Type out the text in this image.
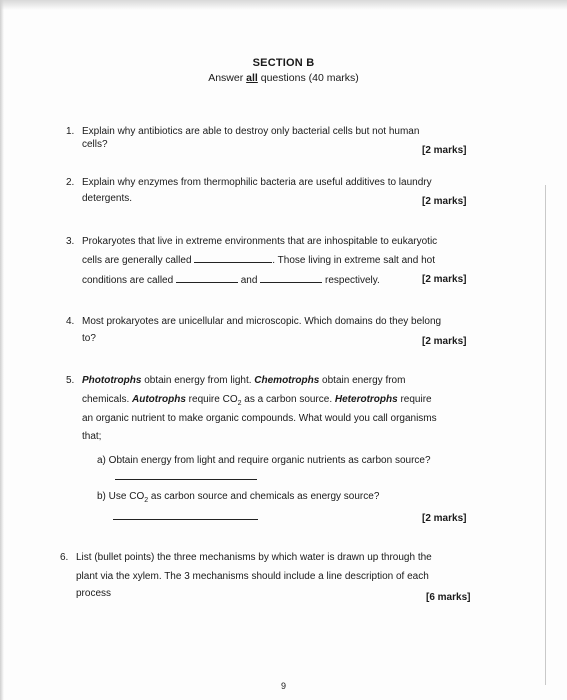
SECTION B
Answer all questions (40 marks)
1. Explain why antibiotics are able to destroy only bacterial cells but not human
cells?
[2 marks]
2. Explain why enzymes from thermophilic bacteria are useful additives to laundry
detergents.	[2 marks]
3. Prokaryotes that live in extreme environments that are inhospitable to eukaryotic
cells are generally called	. Those living in extreme salt and hot
conditions are called	and	respectively.	[2 marks]
4. Most prokaryotes are unicellular and microscopic. Which domains do they belong
to?	[2 marks]
5. Phototrophs obtain energy from light. Chemotrophs obtain energy from
chemicals. Autotrophs require $CO_2$ as a carbon source. Heterotrophs require
an organic nutrient to make organic compounds. What would you call organisms
that;
a) Obtain energy from light and require organic nutrients as carbon source?
b) Use $CO_2$ as carbon source and chemicals as energy source?
[2 marks]
6. List (bullet points) the three mechanisms by which water is drawn up through the
plant via the xylem. The 3 mechanisms should include a line description of each
process	[6 marks]
9
